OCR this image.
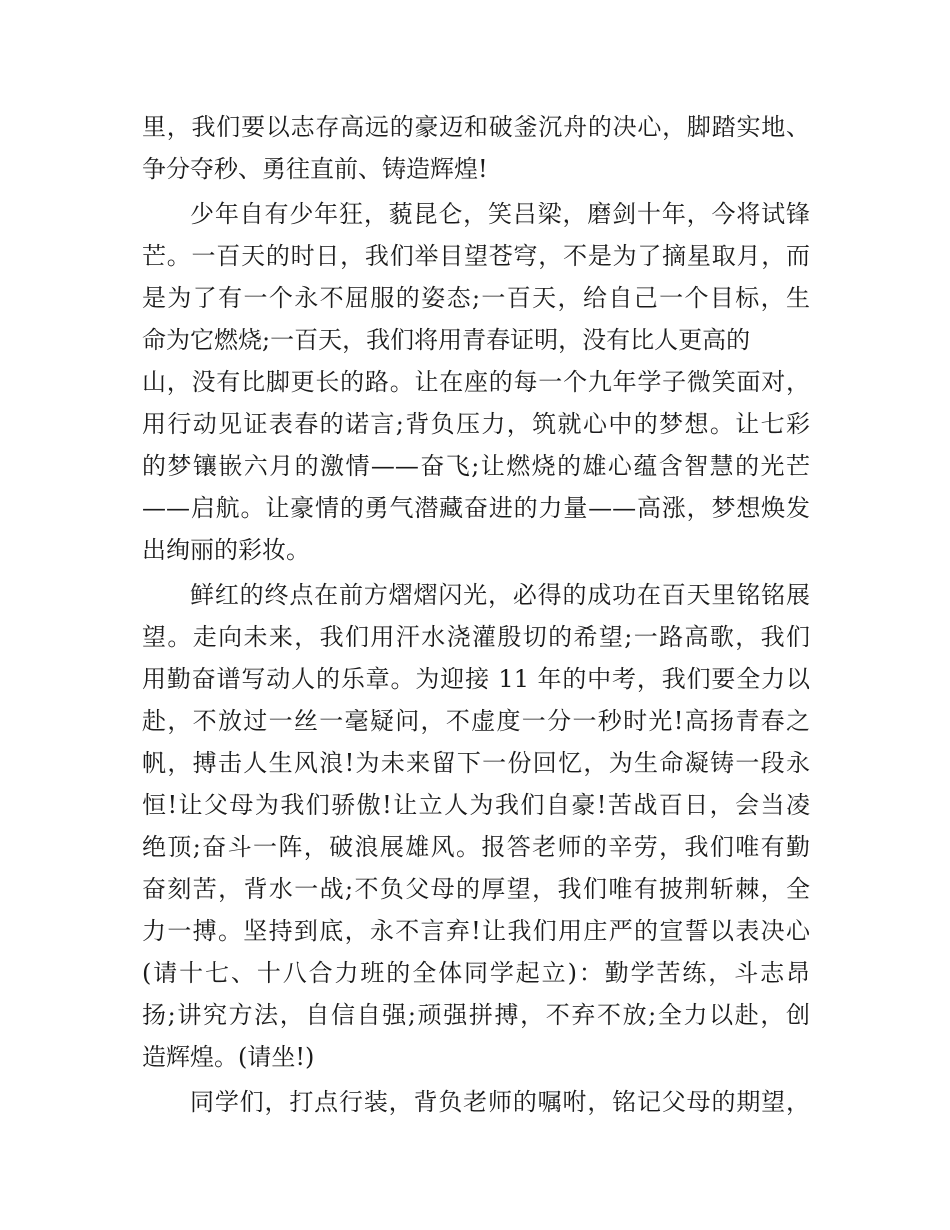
里，我们要以志存高远的豪迈和破釜沉舟的决心，脚踏实地、
争分夺秒、勇往直前、铸造辉煌!
少年自有少年狂，藐昆仑，笑吕梁，磨剑十年，今将试锋
芒。一百天的时日，我们举目望苍穹，不是为了摘星取月，而
是为了有一个永不屈服的姿态;一百天，给自己一个目标，生
命为它燃烧;一百天，我们将用青春证明，没有比人更高的
山，没有比脚更长的路。让在座的每一个九年学子微笑面对，
用行动见证表春的诺言;背负压力，筑就心中的梦想。让七彩
的梦镶嵌六月的激情——奋飞;让燃烧的雄心蕴含智慧的光芒
——启航。让豪情的勇气潜藏奋进的力量——高涨，梦想焕发
出绚丽的彩妆。
鲜红的终点在前方熠熠闪光，必得的成功在百天里铭铭展
望。走向未来，我们用汗水浇灌殷切的希望;一路高歌，我们
用勤奋谱写动人的乐章。为迎接 11 年的中考，我们要全力以
赴，不放过一丝一毫疑问，不虚度一分一秒时光!高扬青春之
帆，搏击人生风浪!为未来留下一份回忆，为生命凝铸一段永
恒!让父母为我们骄傲!让立人为我们自豪!苦战百日，会当凌
绝顶;奋斗一阵，破浪展雄风。报答老师的辛劳，我们唯有勤
奋刻苦，背水一战;不负父母的厚望，我们唯有披荆斩棘，全
力一搏。坚持到底，永不言弃!让我们用庄严的宣誓以表决心
(请十七、十八合力班的全体同学起立)：勤学苦练，斗志昂
扬;讲究方法，自信自强;顽强拼搏，不弃不放;全力以赴，创
造辉煌。(请坐!)
同学们，打点行装，背负老师的嘱咐，铭记父母的期望，
